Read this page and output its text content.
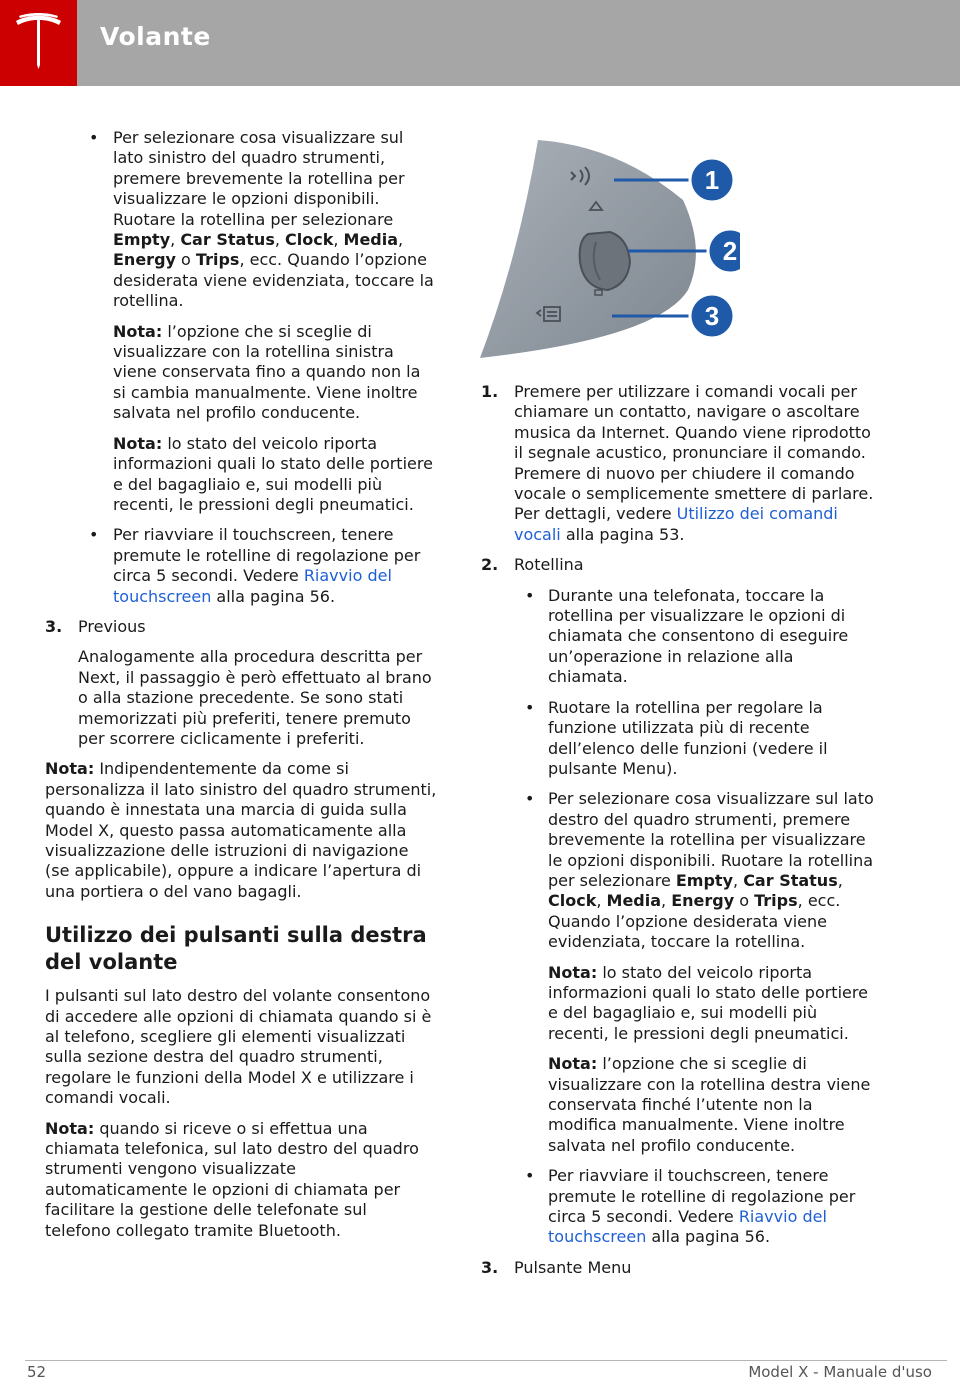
Volante
• Per selezionare cosa visualizzare sul lato sinistro del quadro strumenti, premere brevemente la rotellina per visualizzare le opzioni disponibili. Ruotare la rotellina per selezionare Empty, Car Status, Clock, Media, Energy o Trips, ecc. Quando l’opzione desiderata viene evidenziata, toccare la rotellina.
Nota: l’opzione che si sceglie di visualizzare con la rotellina sinistra viene conservata fino a quando non la si cambia manualmente. Viene inoltre salvata nel profilo conducente.
Nota: lo stato del veicolo riporta informazioni quali lo stato delle portiere e del bagagliaio e, sui modelli più recenti, le pressioni degli pneumatici.
• Per riavviare il touchscreen, tenere premute le rotelline di regolazione per circa 5 secondi. Vedere Riavvio del touchscreen alla pagina 56.
3. Previous
Analogamente alla procedura descritta per Next, il passaggio è però effettuato al brano o alla stazione precedente. Se sono stati memorizzati più preferiti, tenere premuto per scorrere ciclicamente i preferiti.

Nota: Indipendentemente da come si personalizza il lato sinistro del quadro strumenti, quando è innestata una marcia di guida sulla Model X, questo passa automaticamente alla visualizzazione delle istruzioni di navigazione (se applicabile), oppure a indicare l’apertura di una portiera o del vano bagagli.

Utilizzo dei pulsanti sulla destra del volante

I pulsanti sul lato destro del volante consentono di accedere alle opzioni di chiamata quando si è al telefono, scegliere gli elementi visualizzati sulla sezione destra del quadro strumenti, regolare le funzioni della Model X e utilizzare i comandi vocali.

Nota: quando si riceve o si effettua una chiamata telefonica, sul lato destro del quadro strumenti vengono visualizzate automaticamente le opzioni di chiamata per facilitare la gestione delle telefonate sul telefono collegato tramite Bluetooth.

1
2
3
1. Premere per utilizzare i comandi vocali per chiamare un contatto, navigare o ascoltare musica da Internet. Quando viene riprodotto il segnale acustico, pronunciare il comando. Premere di nuovo per chiudere il comando vocale o semplicemente smettere di parlare. Per dettagli, vedere Utilizzo dei comandi vocali alla pagina 53.
2. Rotellina
• Durante una telefonata, toccare la rotellina per visualizzare le opzioni di chiamata che consentono di eseguire un’operazione in relazione alla chiamata.
• Ruotare la rotellina per regolare la funzione utilizzata più di recente dell’elenco delle funzioni (vedere il pulsante Menu).
• Per selezionare cosa visualizzare sul lato destro del quadro strumenti, premere brevemente la rotellina per visualizzare le opzioni disponibili. Ruotare la rotellina per selezionare Empty, Car Status, Clock, Media, Energy o Trips, ecc. Quando l’opzione desiderata viene evidenziata, toccare la rotellina.
Nota: lo stato del veicolo riporta informazioni quali lo stato delle portiere e del bagagliaio e, sui modelli più recenti, le pressioni degli pneumatici.
Nota: l’opzione che si sceglie di visualizzare con la rotellina destra viene conservata finché l’utente non la modifica manualmente. Viene inoltre salvata nel profilo conducente.
• Per riavviare il touchscreen, tenere premute le rotelline di regolazione per circa 5 secondi. Vedere Riavvio del touchscreen alla pagina 56.
3. Pulsante Menu
52	Model X - Manuale d'uso
